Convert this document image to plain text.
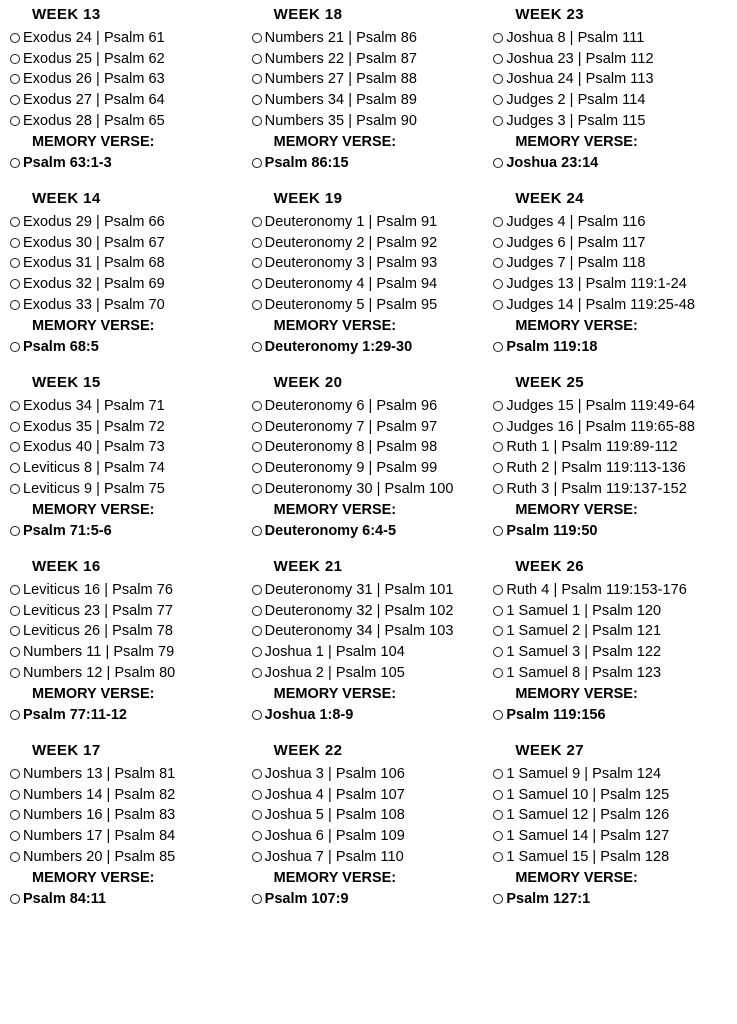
WEEK 13
Exodus 24 | Psalm 61
Exodus 25 | Psalm 62
Exodus 26 | Psalm 63
Exodus 27 | Psalm 64
Exodus 28 | Psalm 65
MEMORY VERSE:
Psalm 63:1-3
WEEK 14
Exodus 29 | Psalm 66
Exodus 30 | Psalm 67
Exodus 31 | Psalm 68
Exodus 32 | Psalm 69
Exodus 33 | Psalm 70
MEMORY VERSE:
Psalm 68:5
WEEK 15
Exodus 34 | Psalm 71
Exodus 35 | Psalm 72
Exodus 40 | Psalm 73
Leviticus 8 | Psalm 74
Leviticus 9 | Psalm 75
MEMORY VERSE:
Psalm 71:5-6
WEEK 16
Leviticus 16 | Psalm 76
Leviticus 23 | Psalm 77
Leviticus 26 | Psalm 78
Numbers 11 | Psalm 79
Numbers 12 | Psalm 80
MEMORY VERSE:
Psalm 77:11-12
WEEK 17
Numbers 13 | Psalm 81
Numbers 14 | Psalm 82
Numbers 16 | Psalm 83
Numbers 17 | Psalm 84
Numbers 20 | Psalm 85
MEMORY VERSE:
Psalm 84:11
WEEK 18
Numbers 21 | Psalm 86
Numbers 22 | Psalm 87
Numbers 27 | Psalm 88
Numbers 34 | Psalm 89
Numbers 35 | Psalm 90
MEMORY VERSE:
Psalm 86:15
WEEK 19
Deuteronomy 1 | Psalm 91
Deuteronomy 2 | Psalm 92
Deuteronomy 3 | Psalm 93
Deuteronomy 4 | Psalm 94
Deuteronomy 5 | Psalm 95
MEMORY VERSE:
Deuteronomy 1:29-30
WEEK 20
Deuteronomy 6 | Psalm 96
Deuteronomy 7 | Psalm 97
Deuteronomy 8 | Psalm 98
Deuteronomy 9 | Psalm 99
Deuteronomy 30 | Psalm 100
MEMORY VERSE:
Deuteronomy 6:4-5
WEEK 21
Deuteronomy 31 | Psalm 101
Deuteronomy 32 | Psalm 102
Deuteronomy 34 | Psalm 103
Joshua 1 | Psalm 104
Joshua 2 | Psalm 105
MEMORY VERSE:
Joshua 1:8-9
WEEK 22
Joshua 3 | Psalm 106
Joshua 4 | Psalm 107
Joshua 5 | Psalm 108
Joshua 6 | Psalm 109
Joshua 7 | Psalm 110
MEMORY VERSE:
Psalm 107:9
WEEK 23
Joshua 8 | Psalm 111
Joshua 23 | Psalm 112
Joshua 24 | Psalm 113
Judges 2 | Psalm 114
Judges 3 | Psalm 115
MEMORY VERSE:
Joshua 23:14
WEEK 24
Judges 4 | Psalm 116
Judges 6 | Psalm 117
Judges 7 | Psalm 118
Judges 13 | Psalm 119:1-24
Judges 14 | Psalm 119:25-48
MEMORY VERSE:
Psalm 119:18
WEEK 25
Judges 15 | Psalm 119:49-64
Judges 16 | Psalm 119:65-88
Ruth 1 | Psalm 119:89-112
Ruth 2 | Psalm 119:113-136
Ruth 3 | Psalm 119:137-152
MEMORY VERSE:
Psalm 119:50
WEEK 26
Ruth 4 | Psalm 119:153-176
1 Samuel 1 | Psalm 120
1 Samuel 2 | Psalm 121
1 Samuel 3 | Psalm 122
1 Samuel 8 | Psalm 123
MEMORY VERSE:
Psalm 119:156
WEEK 27
1 Samuel 9 | Psalm 124
1 Samuel 10 | Psalm 125
1 Samuel 12 | Psalm 126
1 Samuel 14 | Psalm 127
1 Samuel 15 | Psalm 128
MEMORY VERSE:
Psalm 127:1
